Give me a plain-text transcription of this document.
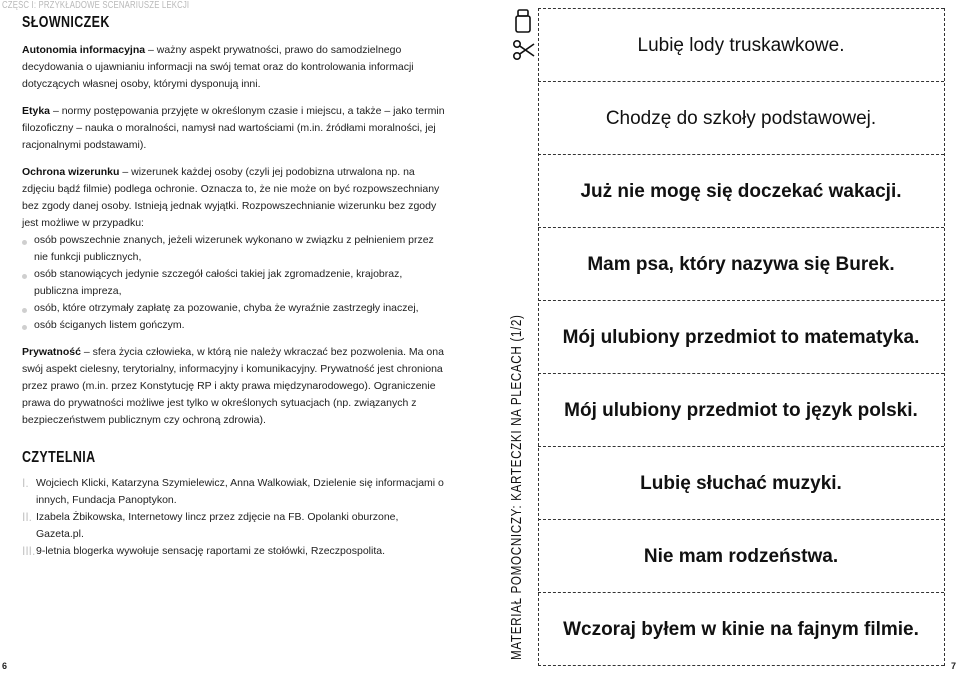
CZĘŚĆ I: PRZYKŁADOWE SCENARIUSZE LEKCJI
SŁOWNICZEK

Autonomia informacyjna – ważny aspekt prywatności, prawo do samodzielnego decydowania o ujawnianiu informacji na swój temat oraz do kontrolowania informacji dotyczących własnej osoby, którymi dysponują inni.

Etyka – normy postępowania przyjęte w określonym czasie i miejscu, a także – jako termin filozoficzny – nauka o moralności, namysł nad wartościami (m.in. źródłami moralności, jej racjonalnymi podstawami).

Ochrona wizerunku – wizerunek każdej osoby (czyli jej podobizna utrwalona np. na zdjęciu bądź filmie) podlega ochronie. Oznacza to, że nie może on być rozpowszechniany bez zgody danej osoby. Istnieją jednak wyjątki. Rozpowszechnianie wizerunku bez zgody jest możliwe w przypadku:

osób powszechnie znanych, jeżeli wizerunek wykonano w związku z pełnieniem przez nie funkcji publicznych,
osób stanowiących jedynie szczegół całości takiej jak zgromadzenie, krajobraz, publiczna impreza,
osób, które otrzymały zapłatę za pozowanie, chyba że wyraźnie zastrzegły inaczej,
osób ściganych listem gończym.

Prywatność – sfera życia człowieka, w którą nie należy wkraczać bez pozwolenia. Ma ona swój aspekt cielesny, terytorialny, informacyjny i komunikacyjny. Prywatność jest chroniona przez prawo (m.in. przez Konstytucję RP i akty prawa międzynarodowego). Ograniczenie prawa do prywatności możliwe jest tylko w określonych sytuacjach (np. związanych z bezpieczeństwem publicznym czy ochroną zdrowia).

CZYTELNIA
I. Wojciech Klicki, Katarzyna Szymielewicz, Anna Walkowiak, Dzielenie się informacjami o innych, Fundacja Panoptykon.
II. Izabela Żbikowska, Internetowy lincz przez zdjęcie na FB. Opolanki oburzone, Gazeta.pl.
III. 9-letnia blogerka wywołuje sensację raportami ze stołówki, Rzeczpospolita.
6	7
MATERIAŁ POMOCNICZY: KARTECZKI NA PLECACH (1/2)
Lubię lody truskawkowe.
Chodzę do szkoły podstawowej.
Już nie mogę się doczekać wakacji.
Mam psa, który nazywa się Burek.
Mój ulubiony przedmiot to matematyka.
Mój ulubiony przedmiot to język polski.
Lubię słuchać muzyki.
Nie mam rodzeństwa.
Wczoraj byłem w kinie na fajnym filmie.
